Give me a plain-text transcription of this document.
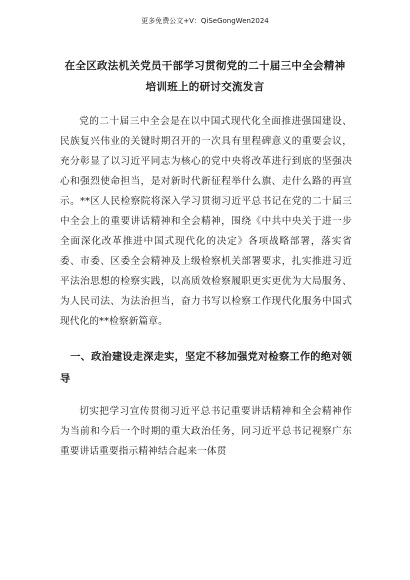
更多免费公文+V：QiSeGongWen2024
在全区政法机关党员干部学习贯彻党的二十届三中全会精神培训班上的研讨交流发言

党的二十届三中全会是在以中国式现代化全面推进强国建设、民族复兴伟业的关键时期召开的一次具有里程碑意义的重要会议，充分彰显了以习近平同志为核心的党中央将改革进行到底的坚强决心和强烈使命担当，是对新时代新征程举什么旗、走什么路的再宣示。**区人民检察院将深入学习贯彻习近平总书记在党的二十届三中全会上的重要讲话精神和全会精神，围绕《中共中央关于进一步全面深化改革推进中国式现代化的决定》各项战略部署，落实省委、市委、区委全会精神及上级检察机关部署要求，扎实推进习近平法治思想的检察实践，以高质效检察履职更实更优为大局服务、为人民司法、为法治担当，奋力书写以检察工作现代化服务中国式现代化的**检察新篇章。

一、政治建设走深走实，坚定不移加强党对检察工作的绝对领导

切实把学习宣传贯彻习近平总书记重要讲话精神和全会精神作为当前和今后一个时期的重大政治任务，同习近平总书记视察广东重要讲话重要指示精神结合起来一体贯
